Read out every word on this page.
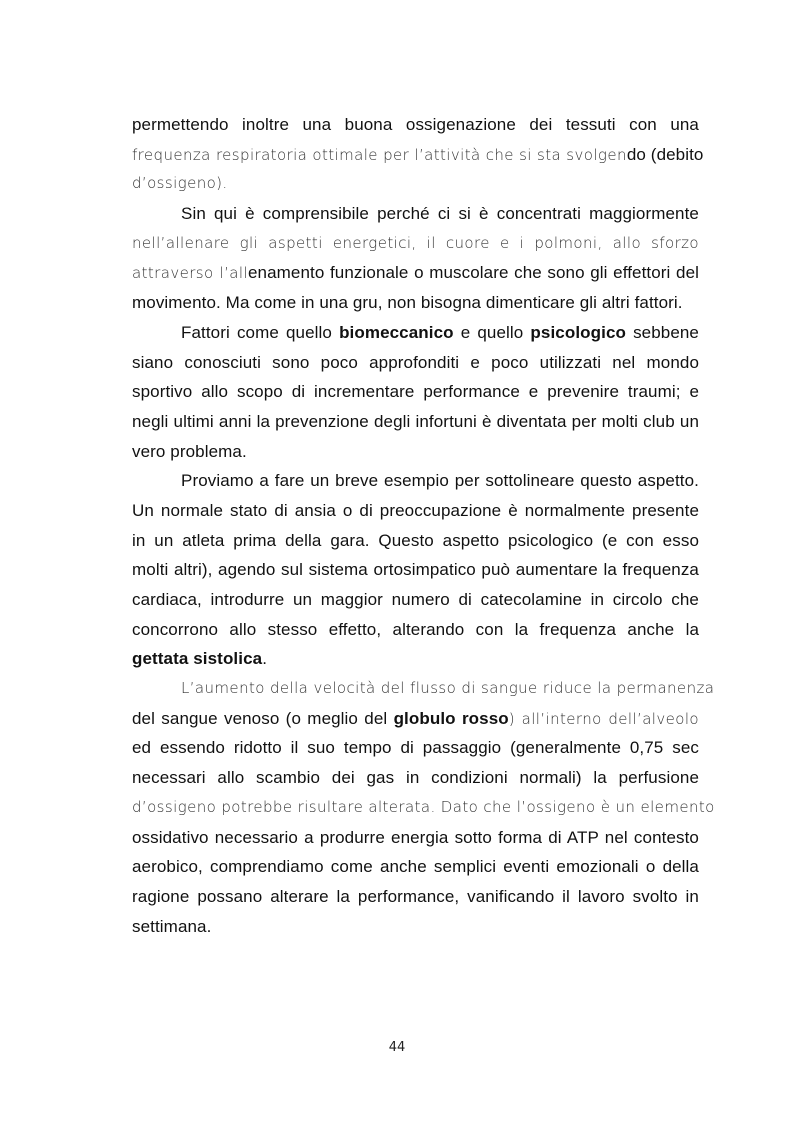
permettendo inoltre una buona ossigenazione dei tessuti con una
frequenza respiratoria ottimale per l’attività che si sta svolgendo (debito
d’ossigeno).
Sin qui è comprensibile perché ci si è concentrati maggiormente
nell’allenare gli aspetti energetici, il cuore e i polmoni, allo sforzo
attraverso l’allenamento funzionale o muscolare che sono gli effettori del
movimento. Ma come in una gru, non bisogna dimenticare gli altri fattori.
Fattori come quello biomeccanico e quello psicologico sebbene
siano conosciuti sono poco approfonditi e poco utilizzati nel mondo
sportivo allo scopo di incrementare performance e prevenire traumi; e
negli ultimi anni la prevenzione degli infortuni è diventata per molti club un
vero problema.
Proviamo a fare un breve esempio per sottolineare questo aspetto.
Un normale stato di ansia o di preoccupazione è normalmente presente
in un atleta prima della gara. Questo aspetto psicologico (e con esso
molti altri), agendo sul sistema ortosimpatico può aumentare la frequenza
cardiaca, introdurre un maggior numero di catecolamine in circolo che
concorrono allo stesso effetto, alterando con la frequenza anche la
gettata sistolica.
L’aumento della velocità del flusso di sangue riduce la permanenza
del sangue venoso (o meglio del globulo rosso) all’interno dell’alveolo
ed essendo ridotto il suo tempo di passaggio (generalmente 0,75 sec
necessari allo scambio dei gas in condizioni normali) la perfusione
d’ossigeno potrebbe risultare alterata. Dato che l’ossigeno è un elemento
ossidativo necessario a produrre energia sotto forma di ATP nel contesto
aerobico, comprendiamo come anche semplici eventi emozionali o della
ragione possano alterare la performance, vanificando il lavoro svolto in
settimana.
44
